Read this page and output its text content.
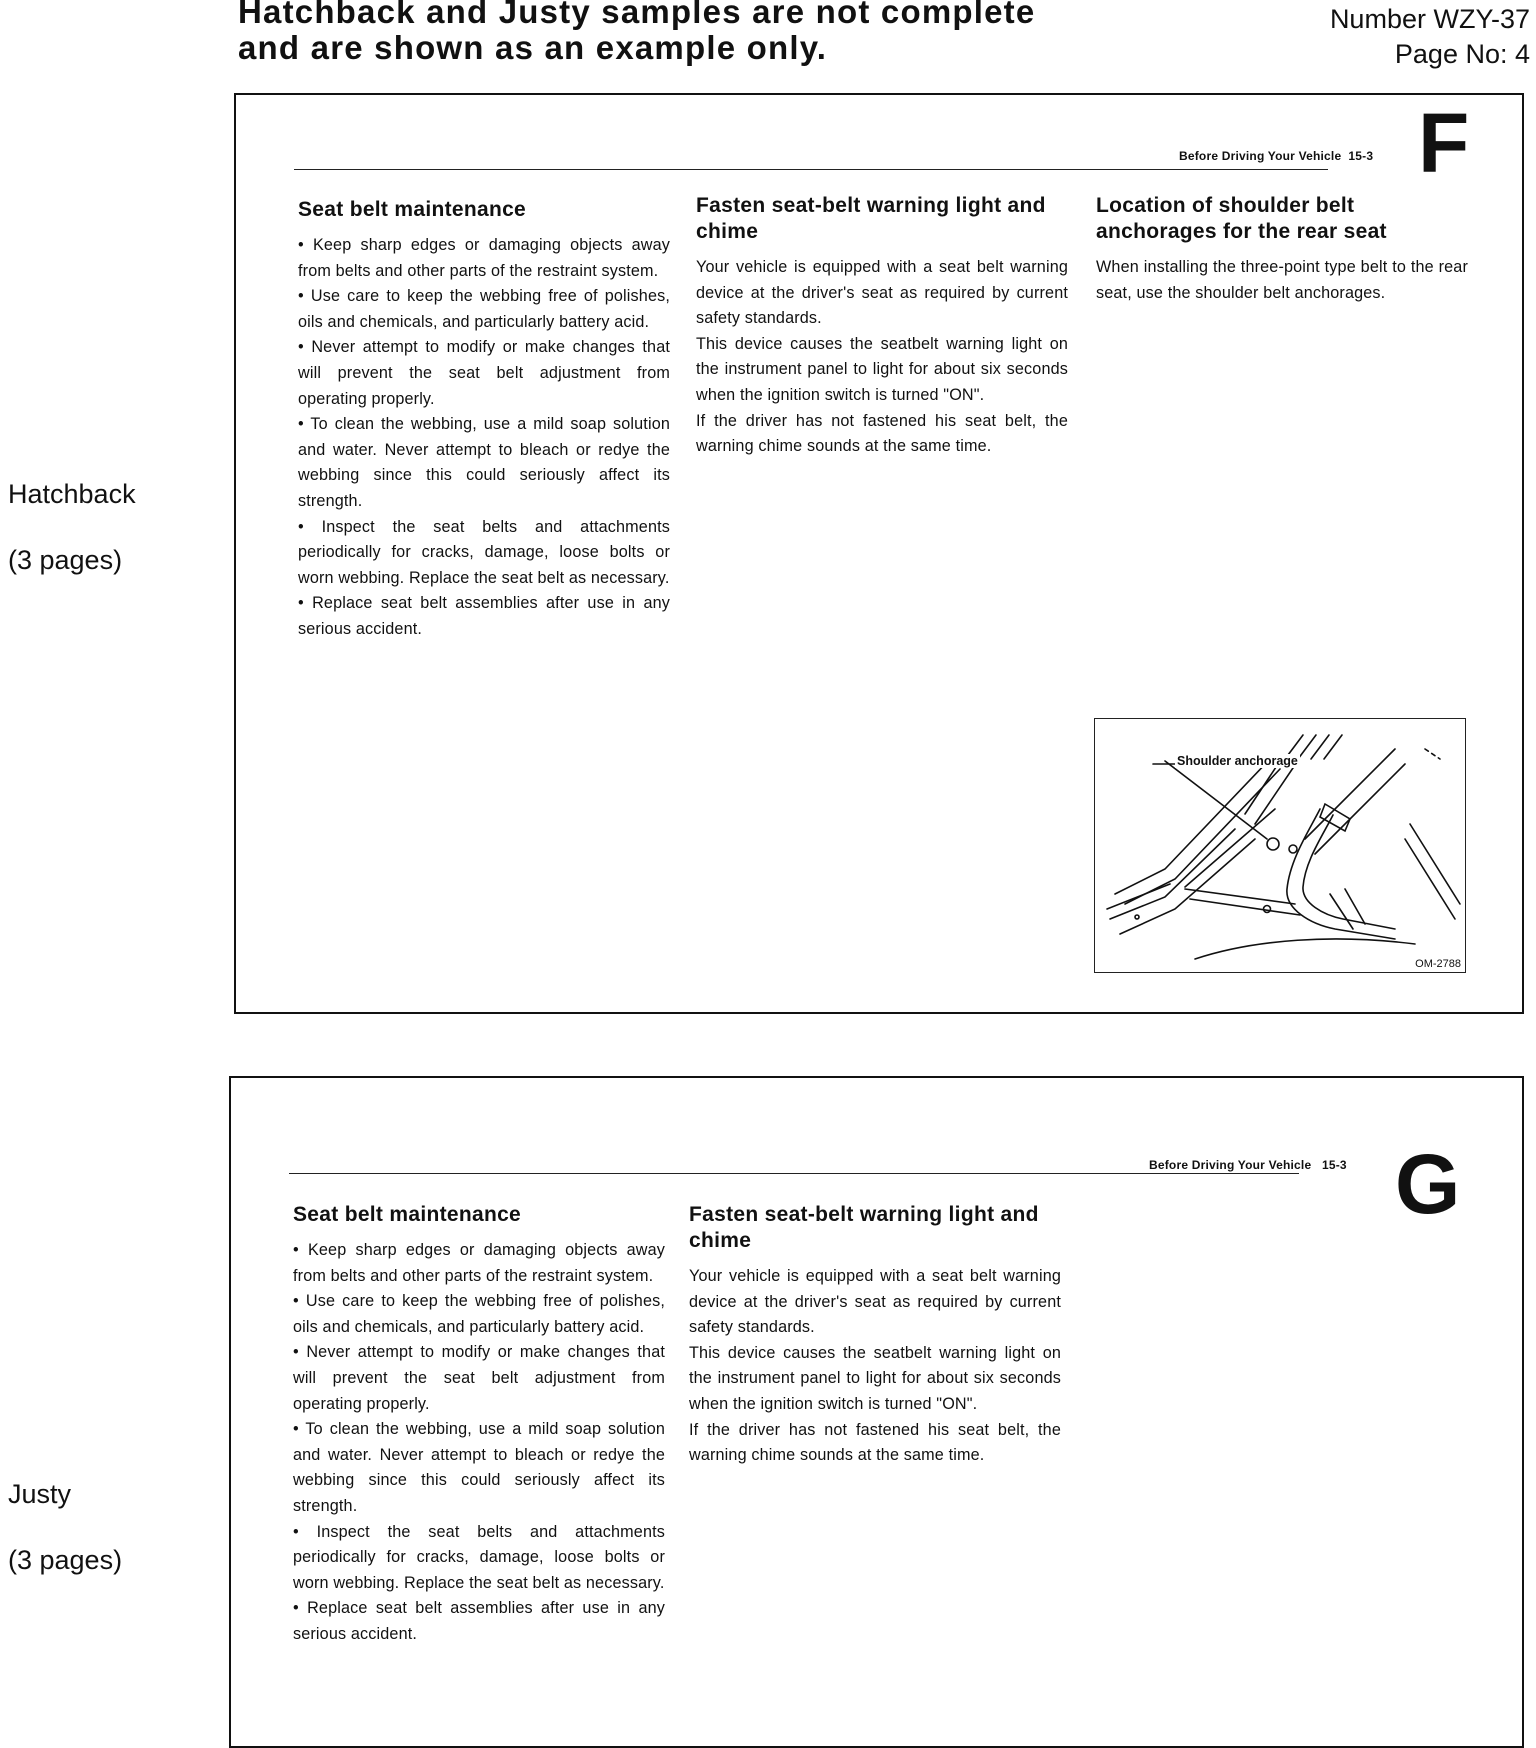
Hatchback and Justy samples are not complete
and are shown as an example only.
Number WZY-37
Page No: 4
Hatchback
(3 pages)
Justy
(3 pages)
Before Driving Your Vehicle 15-3 F
Seat belt maintenance

• Keep sharp edges or damaging objects away from belts and other parts of the restraint system.

• Use care to keep the webbing free of polishes, oils and chemicals, and particularly battery acid.

• Never attempt to modify or make changes that will prevent the seat belt adjustment from operating properly.

• To clean the webbing, use a mild soap solution and water. Never attempt to bleach or redye the webbing since this could seriously affect its strength.

• Inspect the seat belts and attachments periodically for cracks, damage, loose bolts or worn webbing. Replace the seat belt as necessary.

• Replace seat belt assemblies after use in any serious accident.

Fasten seat-belt warning light and chime

Your vehicle is equipped with a seat belt warning device at the driver's seat as required by current safety standards.

This device causes the seatbelt warning light on the instrument panel to light for about six seconds when the ignition switch is turned "ON".

If the driver has not fastened his seat belt, the warning chime sounds at the same time.

Location of shoulder belt anchorages for the rear seat

When installing the three-point type belt to the rear seat, use the shoulder belt anchorages.

Shoulder anchorage
OM-2788
Before Driving Your Vehicle 15-3 G
Seat belt maintenance

• Keep sharp edges or damaging objects away from belts and other parts of the restraint system.

• Use care to keep the webbing free of polishes, oils and chemicals, and particularly battery acid.

• Never attempt to modify or make changes that will prevent the seat belt adjustment from operating properly.

• To clean the webbing, use a mild soap solution and water. Never attempt to bleach or redye the webbing since this could seriously affect its strength.

• Inspect the seat belts and attachments periodically for cracks, damage, loose bolts or worn webbing. Replace the seat belt as necessary.

• Replace seat belt assemblies after use in any serious accident.

Fasten seat-belt warning light and chime

Your vehicle is equipped with a seat belt warning device at the driver's seat as required by current safety standards.

This device causes the seatbelt warning light on the instrument panel to light for about six seconds when the ignition switch is turned "ON".

If the driver has not fastened his seat belt, the warning chime sounds at the same time.
